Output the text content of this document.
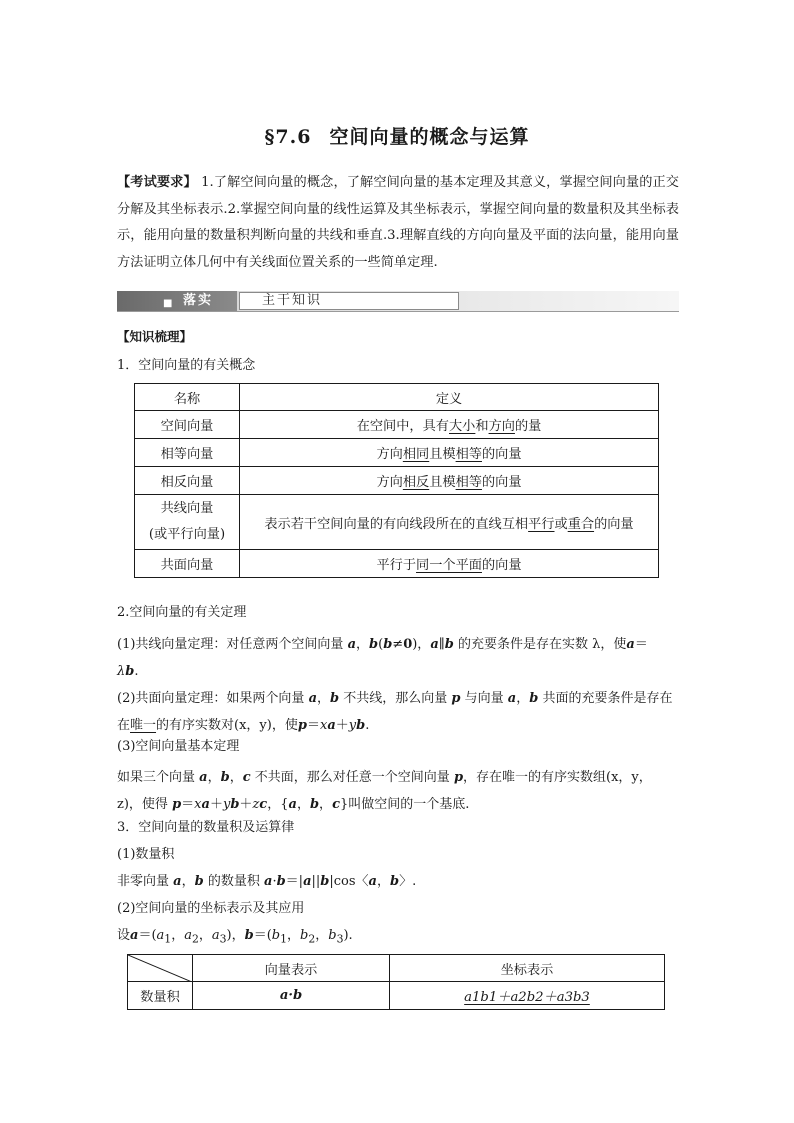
§7.6 空间向量的概念与运算
【考试要求】 1.了解空间向量的概念，了解空间向量的基本定理及其意义，掌握空间向量的正交分解及其坐标表示.2.掌握空间向量的线性运算及其坐标表示，掌握空间向量的数量积及其坐标表示，能用向量的数量积判断向量的共线和垂直.3.理解直线的方向向量及平面的法向量，能用向量方法证明立体几何中有关线面位置关系的一些简单定理.
■ 落实	主干知识
【知识梳理】
1．空间向量的有关概念
名称	定义
空间向量	在空间中，具有大小和方向的量
相等向量	方向相同且模相等的向量
相反向量	方向相反且模相等的向量

共线向量
(或平行向量)	表示若干空间向量的有向线段所在的直线互相平行或重合的向量
共面向量	平行于同一个平面的向量
2.空间向量的有关定理
(1)共线向量定理：对任意两个空间向量 a，b(b≠0)，a∥b 的充要条件是存在实数 λ，使a＝
λb.
(2)共面向量定理：如果两个向量 a，b 不共线，那么向量 p 与向量 a，b 共面的充要条件是存在
在唯一的有序实数对(x，y)，使p＝xa＋yb.
(3)空间向量基本定理
如果三个向量 a，b，c 不共面，那么对任意一个空间向量 p，存在唯一的有序实数组(x，y，
z)，使得 p＝xa＋yb＋zc，{a，b，c}叫做空间的一个基底.
3．空间向量的数量积及运算律
(1)数量积
非零向量 a，b 的数量积 a·b＝|a||b|cos〈a，b〉.
(2)空间向量的坐标表示及其应用
设$a=(a_1$，$a_2$，$a_3$)，$b=(b_1$，$b_2$，$b_3$).
	向量表示	坐标表示
数量积	a·b	a1b1＋a2b2＋a3b3
